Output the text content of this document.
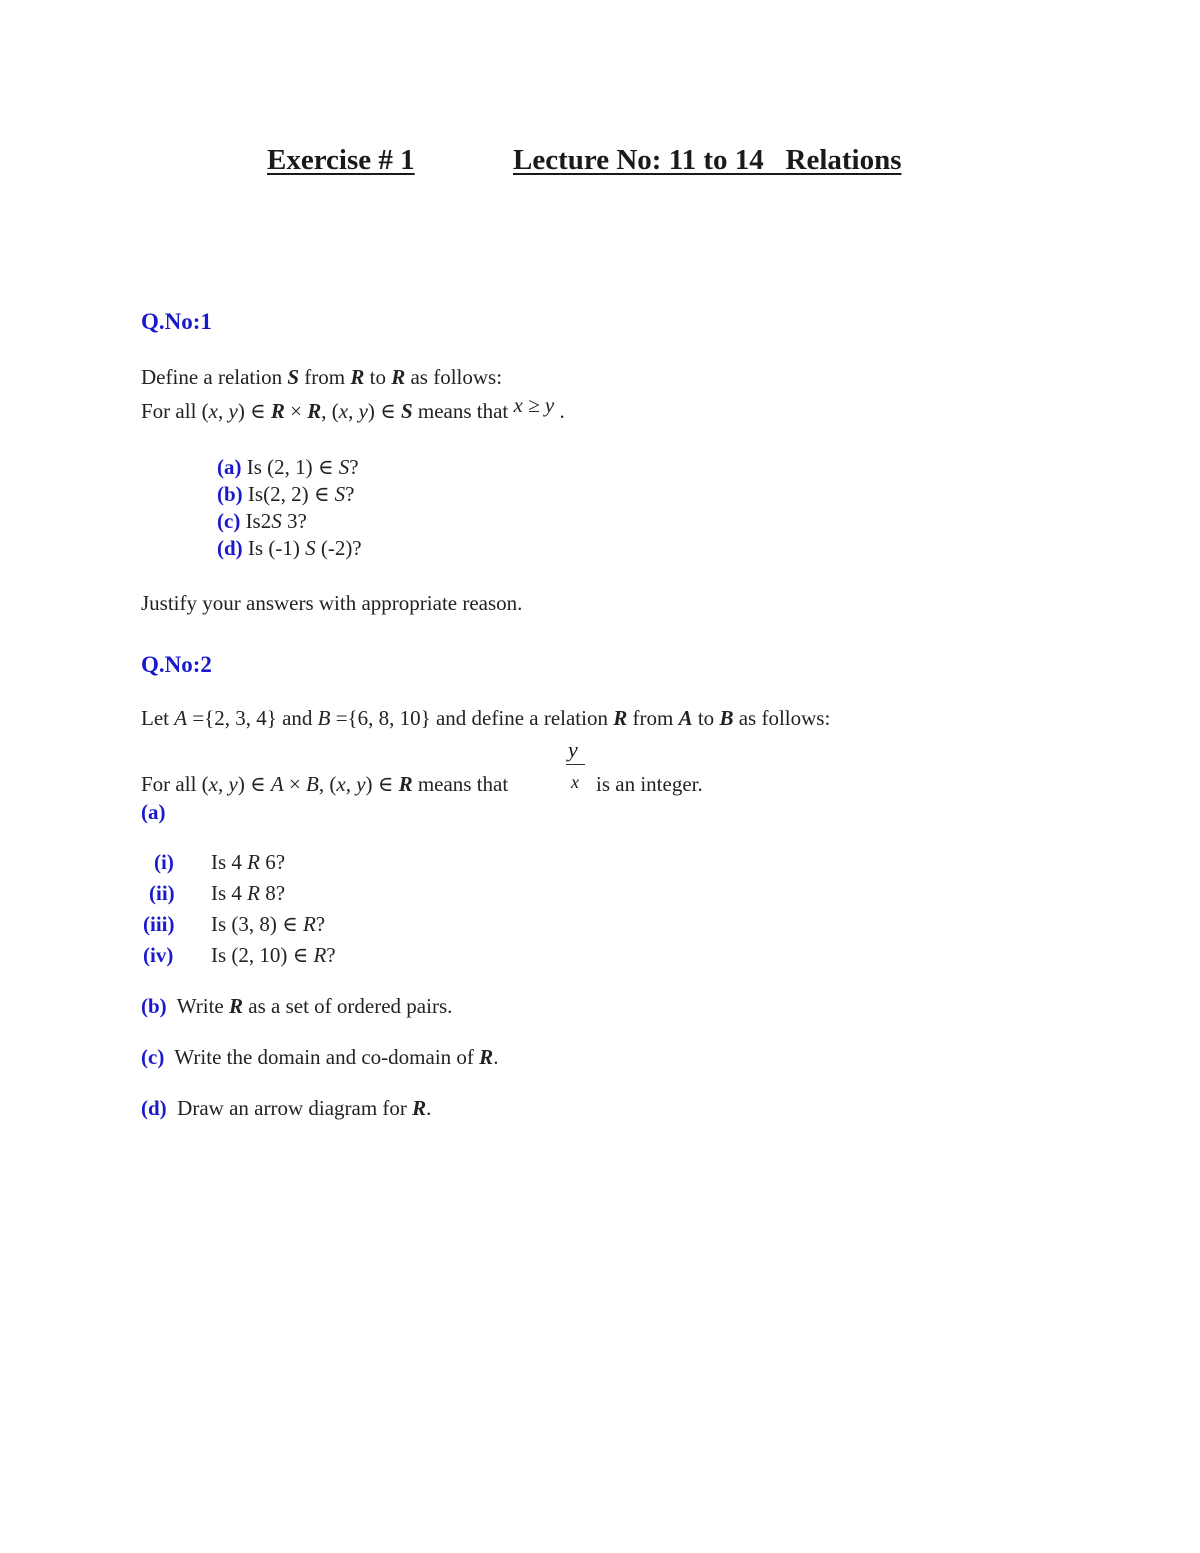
Exercise # 1	Lecture No: 11 to 14   Relations
Q.No:1
Define a relation S from R to R as follows:
For all (x, y) ∈ R × R, (x, y) ∈ S means that x ≥ y .
(a) Is (2, 1) ∈ S?
(b) Is(2, 2) ∈ S?
(c) Is2S 3?
(d) Is (-1) S (-2)?
Justify your answers with appropriate reason.
Q.No:2
Let A ={2, 3, 4} and B ={6, 8, 10} and define a relation R from A to B as follows:
y
x
For all (x, y) ∈ A × B, (x, y) ∈ R means that	is an integer.
(a)
(i) Is 4 R 6?
(ii) Is 4 R 8?
(iii) Is (3, 8) ∈ R?
(iv) Is (2, 10) ∈ R?
(b)  Write R as a set of ordered pairs.
(c)  Write the domain and co-domain of R.
(d)  Draw an arrow diagram for R.
